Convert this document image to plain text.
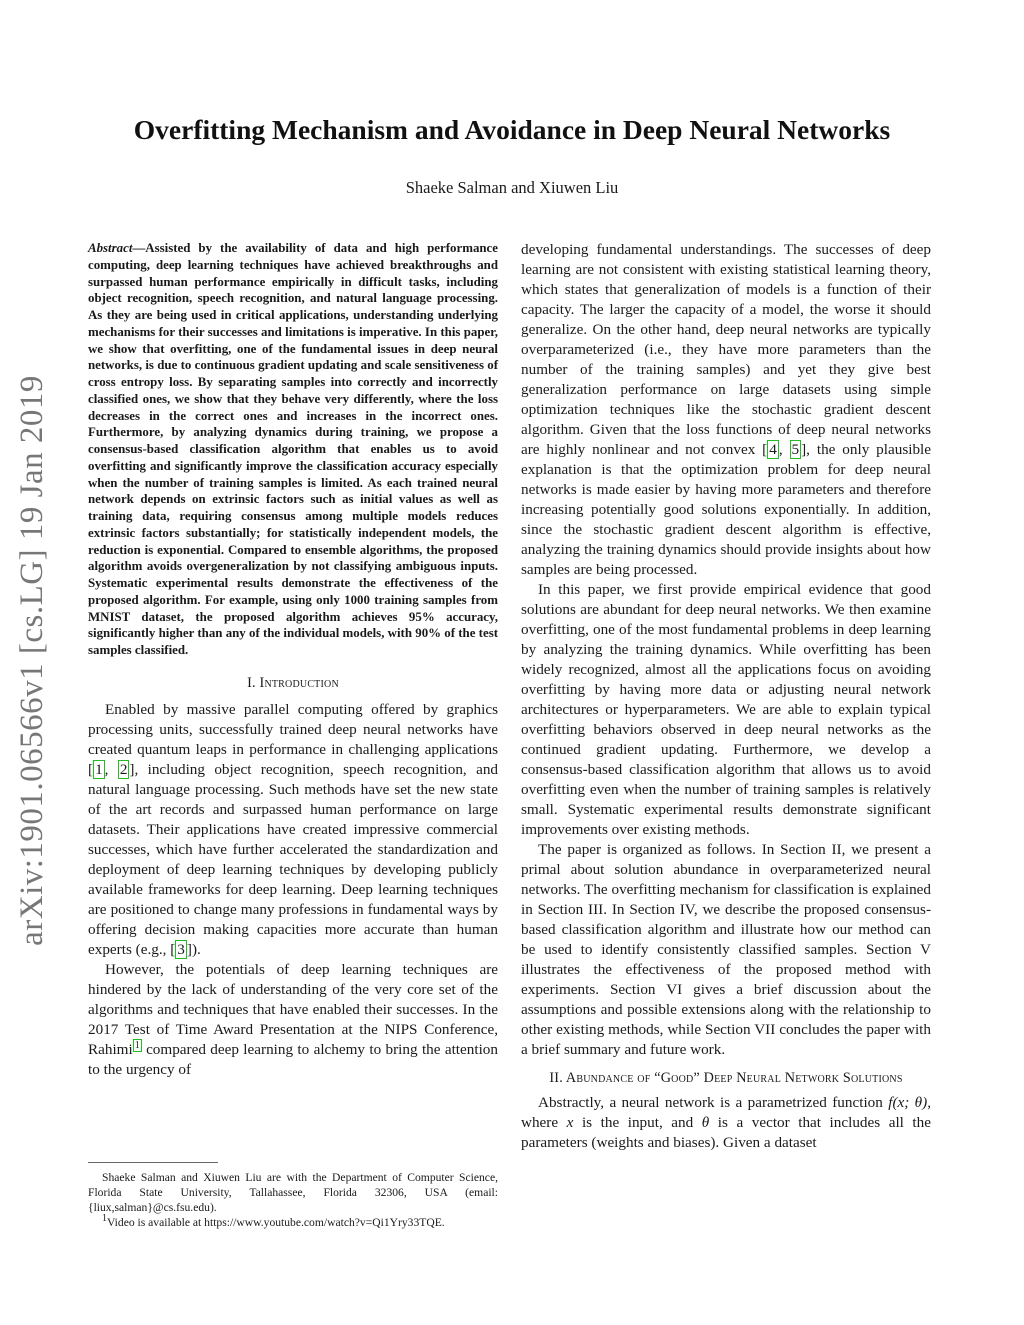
arXiv:1901.06566v1 [cs.LG] 19 Jan 2019
Overfitting Mechanism and Avoidance in Deep Neural Networks
Shaeke Salman and Xiuwen Liu

Abstract—Assisted by the availability of data and high performance computing, deep learning techniques have achieved breakthroughs and surpassed human performance empirically in difficult tasks, including object recognition, speech recognition, and natural language processing. As they are being used in critical applications, understanding underlying mechanisms for their successes and limitations is imperative. In this paper, we show that overfitting, one of the fundamental issues in deep neural networks, is due to continuous gradient updating and scale sensitiveness of cross entropy loss. By separating samples into correctly and incorrectly classified ones, we show that they behave very differently, where the loss decreases in the correct ones and increases in the incorrect ones. Furthermore, by analyzing dynamics during training, we propose a consensus-based classification algorithm that enables us to avoid overfitting and significantly improve the classification accuracy especially when the number of training samples is limited. As each trained neural network depends on extrinsic factors such as initial values as well as training data, requiring consensus among multiple models reduces extrinsic factors substantially; for statistically independent models, the reduction is exponential. Compared to ensemble algorithms, the proposed algorithm avoids overgeneralization by not classifying ambiguous inputs. Systematic experimental results demonstrate the effectiveness of the proposed algorithm. For example, using only 1000 training samples from MNIST dataset, the proposed algorithm achieves 95% accuracy, significantly higher than any of the individual models, with 90% of the test samples classified.

I. Introduction

Enabled by massive parallel computing offered by graphics processing units, successfully trained deep neural networks have created quantum leaps in performance in challenging applications [ 1 , 2 ], including object recognition, speech recognition, and natural language processing. Such methods have set the new state of the art records and surpassed human performance on large datasets. Their applications have created impressive commercial successes, which have further accelerated the standardization and deployment of deep learning techniques by developing publicly available frameworks for deep learning. Deep learning techniques are positioned to change many professions in fundamental ways by offering decision making capacities more accurate than human experts (e.g., [ 3 ]).

However, the potentials of deep learning techniques are hindered by the lack of understanding of the very core set of the algorithms and techniques that have enabled their successes. In the 2017 Test of Time Award Presentation at the NIPS Conference, Rahimi $^1$ compared deep learning to alchemy to bring the attention to the urgency of

developing fundamental understandings. The successes of deep learning are not consistent with existing statistical learning theory, which states that generalization of models is a function of their capacity. The larger the capacity of a model, the worse it should generalize. On the other hand, deep neural networks are typically overparameterized (i.e., they have more parameters than the number of the training samples) and yet they give best generalization performance on large datasets using simple optimization techniques like the stochastic gradient descent algorithm. Given that the loss functions of deep neural networks are highly nonlinear and not convex [ 4 , 5 ], the only plausible explanation is that the optimization problem for deep neural networks is made easier by having more parameters and therefore increasing potentially good solutions exponentially. In addition, since the stochastic gradient descent algorithm is effective, analyzing the training dynamics should provide insights about how samples are being processed.

In this paper, we first provide empirical evidence that good solutions are abundant for deep neural networks. We then examine overfitting, one of the most fundamental problems in deep learning by analyzing the training dynamics. While overfitting has been widely recognized, almost all the applications focus on avoiding overfitting by having more data or adjusting neural network architectures or hyperparameters. We are able to explain typical overfitting behaviors observed in deep neural networks as the continued gradient updating. Furthermore, we develop a consensus-based classification algorithm that allows us to avoid overfitting even when the number of training samples is relatively small. Systematic experimental results demonstrate significant improvements over existing methods.

The paper is organized as follows. In Section II, we present a primal about solution abundance in overparameterized neural networks. The overfitting mechanism for classification is explained in Section III. In Section IV, we describe the proposed consensus-based classification algorithm and illustrate how our method can be used to identify consistently classified samples. Section V illustrates the effectiveness of the proposed method with experiments. Section VI gives a brief discussion about the assumptions and possible extensions along with the relationship to other existing methods, while Section VII concludes the paper with a brief summary and future work.

II. Abundance of “Good” Deep Neural Network Solutions

Abstractly, a neural network is a parametrized function f(x; θ), where x is the input, and θ is a vector that includes all the parameters (weights and biases). Given a dataset

Shaeke Salman and Xiuwen Liu are with the Department of Computer Science, Florida State University, Tallahassee, Florida 32306, USA (email: {liux,salman}@cs.fsu.edu).

1Video is available at https://www.youtube.com/watch?v=Qi1Yry33TQE.
